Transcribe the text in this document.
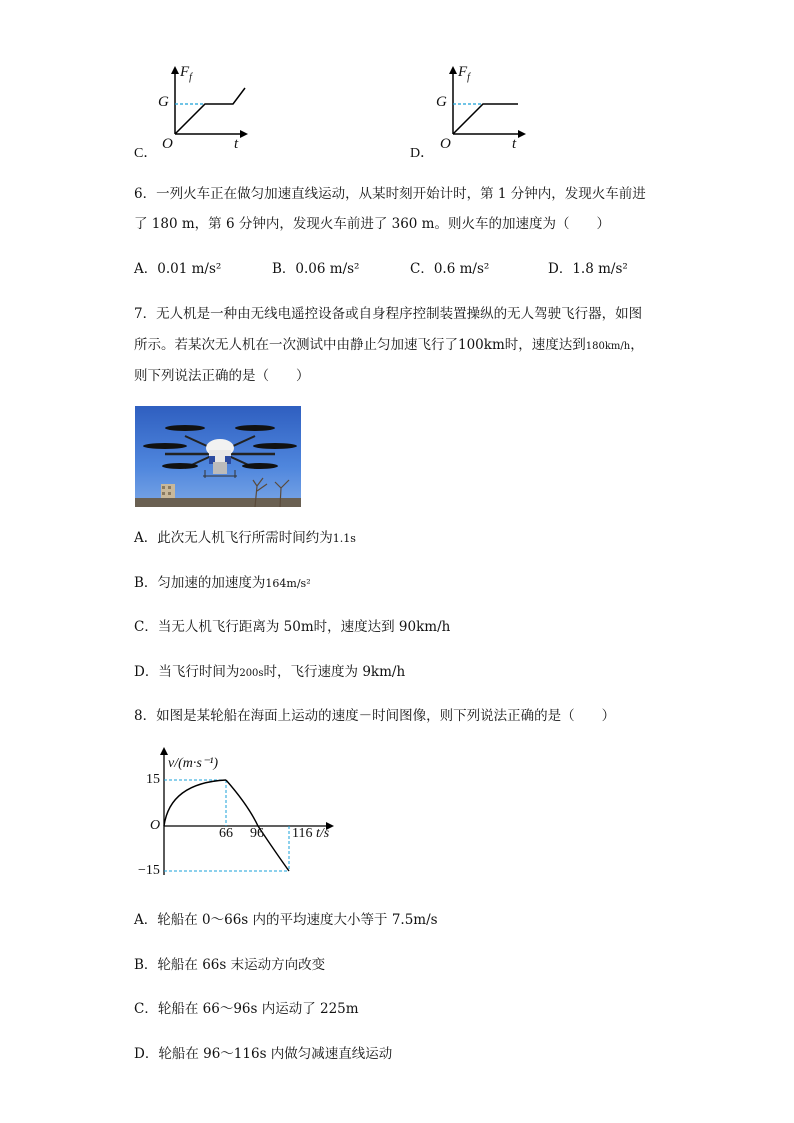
C．
$F_f$
G
O	t
D．
$F_f$
G
O	t
6．一列火车正在做匀加速直线运动，从某时刻开始计时，第 1 分钟内，发现火车前进
了 180 m，第 6 分钟内，发现火车前进了 360 m。则火车的加速度为（　　）
A．0.01 m/s²	B．0.06 m/s²	C．0.6 m/s²	D．1.8 m/s²
7．无人机是一种由无线电遥控设备或自身程序控制装置操纵的无人驾驶飞行器，如图
所示。若某次无人机在一次测试中由静止匀加速飞行了100km时，速度达到180km/h，
则下列说法正确的是（　　）
A．此次无人机飞行所需时间约为1.1s
B．匀加速的加速度为164m/s²
C．当无人机飞行距离为 50m时，速度达到 90km/h
D．当飞行时间为200s时，飞行速度为 9km/h
8．如图是某轮船在海面上运动的速度－时间图像，则下列说法正确的是（　　）
v/(m·s⁻¹)
15
O
66 96 116 t/s
−15
A．轮船在 0～66s 内的平均速度大小等于 7.5m/s
B．轮船在 66s 末运动方向改变
C．轮船在 66～96s 内运动了 225m
D．轮船在 96～116s 内做匀减速直线运动
